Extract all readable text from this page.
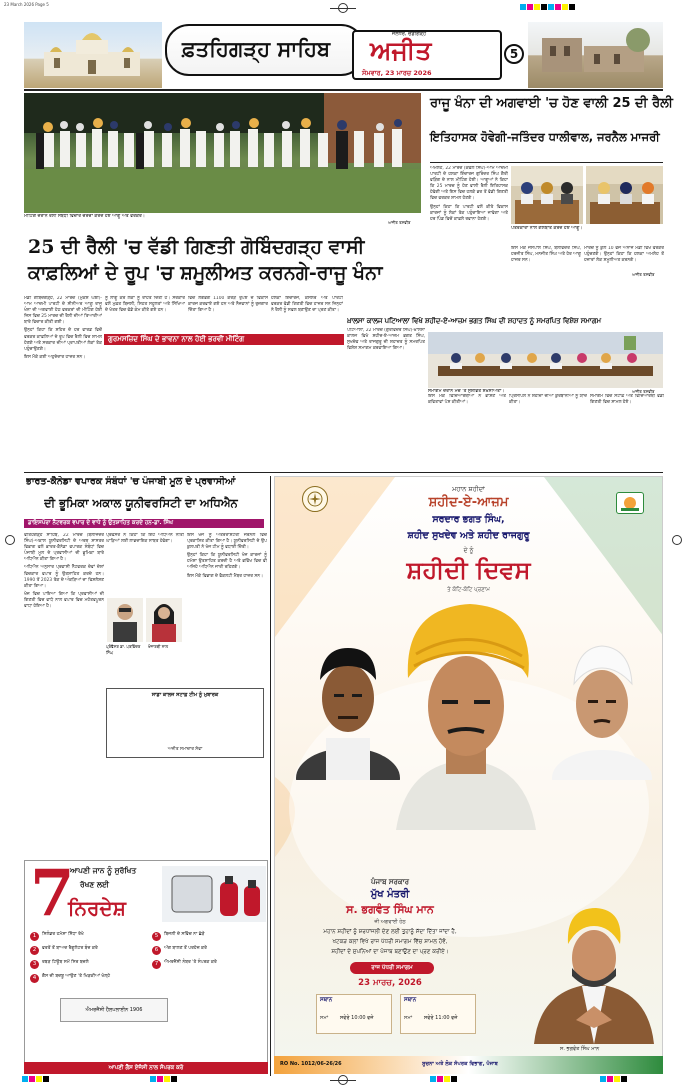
23 March 2026 Page 5
ਫ਼ਤਹਿਗੜ੍ਹ ਸਾਹਿਬ
ਜਲੰਧਰ, ਚੰਡੀਗੜ੍ਹ
ਅਜੀਤ
ਸੋਮਵਾਰ, 23 ਮਾਰਚ 2026
5
ਮੀਟਿੰਗ ਦੌਰਾਨ ਰੈਲੀ ਸਬੰਧੀ ਵਿਚਾਰ ਚਰਚਾ ਕਰਦੇ ਹੋਏ ਆਗੂ ਅਤੇ ਵਰਕਰ।
ਅਜੀਤ ਤਸਵੀਰ
ਰਾਜੂ ਖੰਨਾ ਦੀ ਅਗਵਾਈ 'ਚ ਹੋਣ ਵਾਲੀ 25 ਦੀ ਰੈਲੀ
ਇਤਿਹਾਸਕ ਹੋਵੇਗੀ-ਜਤਿੰਦਰ ਧਾਲੀਵਾਲ, ਜਰਨੈਲ ਮਾਜਰੀ

ਅਮਲੋਹ, 22 ਮਾਰਚ (ਕੇਵਲ ਸਿੰਘ)-ਆਮ ਆਦਮੀ ਪਾਰਟੀ ਦੇ ਹਲਕਾ ਇੰਚਾਰਜ ਗੁਰਿੰਦਰ ਸਿੰਘ ਗੈਰੀ ਵੜਿੰਗ ਦੇ ਨਾਲ ਮੀਟਿੰਗ ਹੋਈ। ਆਗੂਆਂ ਨੇ ਕਿਹਾ ਕਿ 25 ਮਾਰਚ ਨੂੰ ਹੋਣ ਵਾਲੀ ਰੈਲੀ ਇਤਿਹਾਸਕ ਹੋਵੇਗੀ ਅਤੇ ਇਸ ਵਿਚ ਹਲਕੇ ਭਰ ਤੋਂ ਵੱਡੀ ਗਿਣਤੀ ਵਿਚ ਵਰਕਰ ਸ਼ਾਮਲ ਹੋਣਗੇ।

ਉਨ੍ਹਾਂ ਕਿਹਾ ਕਿ ਪਾਰਟੀ ਵਲੋਂ ਕੀਤੇ ਵਿਕਾਸ ਕਾਰਜਾਂ ਨੂੰ ਲੋਕਾਂ ਤੱਕ ਪਹੁੰਚਾਇਆ ਜਾਵੇਗਾ ਅਤੇ ਹਰ ਪਿੰਡ ਵਿਚੋਂ ਕਾਫ਼ਲੇ ਰਵਾਨਾ ਹੋਣਗੇ।

ਇਸ ਮੌਕੇ ਜਸਪਾਲ ਸਿੰਘ, ਬਲਵਿੰਦਰ ਸਿੰਘ, ਹਰਜੀਤ ਸਿੰਘ, ਮਨਜੀਤ ਸਿੰਘ ਅਤੇ ਹੋਰ ਆਗੂ ਹਾਜ਼ਰ ਸਨ।

ਮਾਰਚ ਨੂੰ ਕੁਲ 10 ਵਜੇ ਅਨਾਜ ਮੰਡੀ ਵਿਖੇ ਵਰਕਰ ਪਹੁੰਚਣਗੇ। ਉਨ੍ਹਾਂ ਕਿਹਾ ਕਿ ਹਲਕਾ ਅਮਲੋਹ ਤੋਂ ਹਜ਼ਾਰਾਂ ਲੋਕ ਸ਼ਮੂਲੀਅਤ ਕਰਨਗੇ।

ਪੱਤਰਕਾਰਾਂ ਨਾਲ ਗੱਲਬਾਤ ਕਰਦੇ ਹੋਏ ਆਗੂ।
ਅਜੀਤ ਤਸਵੀਰ
25 ਦੀ ਰੈਲੀ 'ਚ ਵੱਡੀ ਗਿਣਤੀ ਗੋਬਿੰਦਗੜ੍ਹ ਵਾਸੀ
ਕਾਫ਼ਲਿਆਂ ਦੇ ਰੂਪ 'ਚ ਸ਼ਮੂਲੀਅਤ ਕਰਨਗੇ-ਰਾਜੂ ਖੰਨਾ

ਮੰਡੀ ਗੋਬਿੰਦਗੜ੍ਹ, 22 ਮਾਰਚ (ਮੁਕੇਸ਼ ਘਈ)-ਆਮ ਆਦਮੀ ਪਾਰਟੀ ਦੇ ਸੀਨੀਅਰ ਆਗੂ ਰਾਜੂ ਖੰਨਾ ਦੀ ਅਗਵਾਈ ਹੇਠ ਵਰਕਰਾਂ ਦੀ ਮੀਟਿੰਗ ਹੋਈ ਜਿਸ ਵਿਚ 25 ਮਾਰਚ ਦੀ ਰੈਲੀ ਦੀਆਂ ਤਿਆਰੀਆਂ ਬਾਰੇ ਵਿਚਾਰ ਕੀਤੀ ਗਈ।

ਉਨ੍ਹਾਂ ਕਿਹਾ ਕਿ ਸ਼ਹਿਰ ਦੇ ਹਰ ਵਾਰਡ ਵਿਚੋਂ ਵਰਕਰ ਕਾਫ਼ਲਿਆਂ ਦੇ ਰੂਪ ਵਿਚ ਰੈਲੀ ਵਿਚ ਸ਼ਾਮਲ ਹੋਣਗੇ ਅਤੇ ਸਰਕਾਰ ਦੀਆਂ ਪ੍ਰਾਪਤੀਆਂ ਲੋਕਾਂ ਤੱਕ ਪਹੁੰਚਾਉਣਗੇ।

ਇਸ ਮੌਕੇ ਕਈ ਅਹੁਦੇਦਾਰ ਹਾਜ਼ਰ ਸਨ।

ਨੂੰ ਲਾਗੂ ਕਰ ਲੋਕਾਂ ਨੂੰ ਰਾਹਤ ਦਿੱਤੀ ਹੈ। ਸਰਕਾਰ ਵਲੋਂ ਮੁਫ਼ਤ ਬਿਜਲੀ, ਸਿਹਤ ਸਹੂਲਤਾਂ ਅਤੇ ਸਿੱਖਿਆ ਦੇ ਖੇਤਰ ਵਿਚ ਵੱਡੇ ਕੰਮ ਕੀਤੇ ਗਏ ਹਨ।

ਵਿਚ ਲਗਭਗ 1100 ਕਰੋੜ ਰੁਪਏ ਦੇ ਵਿਕਾਸ ਕਾਰਜ ਕਰਵਾਏ ਗਏ ਹਨ ਅਤੇ ਨੌਜਵਾਨਾਂ ਨੂੰ ਰੁਜ਼ਗਾਰ ਦਿੱਤਾ ਗਿਆ ਹੈ।

ਹਲਕਾ ਇੰਚਾਰਜ, ਕੌਂਸਲਰ ਅਤੇ ਪਾਰਟੀ ਵਰਕਰ ਵੱਡੀ ਗਿਣਤੀ ਵਿਚ ਹਾਜ਼ਰ ਸਨ ਜਿਨ੍ਹਾਂ ਨੇ ਰੈਲੀ ਨੂੰ ਸਫਲ ਬਣਾਉਣ ਦਾ ਪ੍ਰਣ ਕੀਤਾ।

ਗੁਰਮਸਜ਼ਿਦ ਸਿੰਘ ਦੇ ਭਾਵਨਾ ਨਾਲ ਹੋਈ ਭਰਵੀਂ ਮੀਟਿੰਗ
ਖ਼ਾਲਸਾ ਕਾਲਜ ਪਟਿਆਲਾ ਵਿਖੇ ਸ਼ਹੀਦ-ਏ-ਆਜ਼ਮ ਭਗਤ ਸਿੰਘ ਦੀ ਸ਼ਹਾਦਤ ਨੂੰ ਸਮਰਪਿਤ ਵਿਸ਼ੇਸ਼ ਸਮਾਗਮ

ਪਟਿਆਲਾ, 22 ਮਾਰਚ (ਗੁਰਵਿੰਦਰ ਸਿੰਘ)-ਖ਼ਾਲਸਾ ਕਾਲਜ ਵਿਖੇ ਸ਼ਹੀਦ-ਏ-ਆਜ਼ਮ ਭਗਤ ਸਿੰਘ, ਸੁਖਦੇਵ ਅਤੇ ਰਾਜਗੁਰੂ ਦੀ ਸ਼ਹਾਦਤ ਨੂੰ ਸਮਰਪਿਤ ਵਿਸ਼ੇਸ਼ ਸਮਾਗਮ ਕਰਵਾਇਆ ਗਿਆ।

ਇਸ ਮੌਕੇ ਵਿਦਿਆਰਥੀਆਂ ਨੇ ਭਾਸ਼ਣ ਅਤੇ ਕਵਿਤਾਵਾਂ ਪੇਸ਼ ਕੀਤੀਆਂ।

ਪ੍ਰਿੰਸੀਪਲ ਨੇ ਸ਼ਹੀਦਾਂ ਦੀਆਂ ਕੁਰਬਾਨੀਆਂ ਨੂੰ ਯਾਦ ਕੀਤਾ।

ਸਮਾਗਮ ਵਿਚ ਸਟਾਫ਼ ਅਤੇ ਵਿਦਿਆਰਥੀ ਵੱਡੀ ਗਿਣਤੀ ਵਿਚ ਸ਼ਾਮਲ ਹੋਏ।

ਸਮਾਗਮ ਦੌਰਾਨ ਮੰਚ 'ਤੇ ਸੁਸ਼ੋਭਿਤ ਸ਼ਖ਼ਸੀਅਤਾਂ।	ਅਜੀਤ ਤਸਵੀਰ
ਭਾਰਤ-ਕੈਨੇਡਾ ਵਪਾਰਕ ਸੰਬੰਧਾਂ 'ਚ ਪੰਜਾਬੀ ਮੂਲ ਦੇ ਪ੍ਰਵਾਸੀਆਂ
ਦੀ ਭੂਮਿਕਾ ਅਕਾਲ ਯੂਨੀਵਰਸਿਟੀ ਦਾ ਅਧਿਐਨ
ਡਾਇਸਪੋਰਾ ਨੈੱਟਵਰਕ ਵਪਾਰ ਦੇ ਵਾਧੇ ਨੂੰ ਉਤਸ਼ਾਹਿਤ ਕਰਦੇ ਹਨ-ਡਾ. ਸਿੰਘ

ਫਤਿਹਗੜ੍ਹ ਸਾਹਿਬ, 22 ਮਾਰਚ (ਬਲਜਿੰਦਰ ਸਿੰਘ)-ਅਕਾਲ ਯੂਨੀਵਰਸਿਟੀ ਦੇ ਅਰਥ ਸ਼ਾਸਤਰ ਵਿਭਾਗ ਵਲੋਂ ਭਾਰਤ-ਕੈਨੇਡਾ ਵਪਾਰਕ ਸੰਬੰਧਾਂ ਵਿਚ ਪੰਜਾਬੀ ਮੂਲ ਦੇ ਪ੍ਰਵਾਸੀਆਂ ਦੀ ਭੂਮਿਕਾ ਬਾਰੇ ਅਧਿਐਨ ਕੀਤਾ ਗਿਆ ਹੈ।

ਅਧਿਐਨ ਅਨੁਸਾਰ ਪ੍ਰਵਾਸੀ ਨੈੱਟਵਰਕ ਦੋਵਾਂ ਦੇਸ਼ਾਂ ਵਿਚਕਾਰ ਵਪਾਰ ਨੂੰ ਉਤਸ਼ਾਹਿਤ ਕਰਦੇ ਹਨ। 1990 ਤੋਂ 2023 ਤੱਕ ਦੇ ਅੰਕੜਿਆਂ ਦਾ ਵਿਸ਼ਲੇਸ਼ਣ ਕੀਤਾ ਗਿਆ।

ਖੋਜ ਵਿਚ ਪਾਇਆ ਗਿਆ ਕਿ ਪ੍ਰਵਾਸੀਆਂ ਦੀ ਗਿਣਤੀ ਵਿਚ ਵਾਧੇ ਨਾਲ ਵਪਾਰ ਵਿਚ ਮਹੱਤਵਪੂਰਨ ਵਾਧਾ ਹੋਇਆ ਹੈ।

ਪ੍ਰੋਫੈਸਰ ਨੇ ਕਿਹਾ ਕਿ ਇਹ ਅਧਿਐਨ ਨੀਤੀ ਘਾੜਿਆਂ ਲਈ ਲਾਭਦਾਇਕ ਸਾਬਤ ਹੋਵੇਗਾ।

ਇਸ ਖੋਜ ਨੂੰ ਅੰਤਰਰਾਸ਼ਟਰੀ ਜਰਨਲ ਵਿਚ ਪ੍ਰਕਾਸ਼ਿਤ ਕੀਤਾ ਗਿਆ ਹੈ। ਯੂਨੀਵਰਸਿਟੀ ਦੇ ਉਪ ਕੁਲਪਤੀ ਨੇ ਖੋਜ ਟੀਮ ਨੂੰ ਵਧਾਈ ਦਿੱਤੀ।

ਉਨ੍ਹਾਂ ਕਿਹਾ ਕਿ ਯੂਨੀਵਰਸਿਟੀ ਖੋਜ ਕਾਰਜਾਂ ਨੂੰ ਹਮੇਸ਼ਾ ਉਤਸ਼ਾਹਿਤ ਕਰਦੀ ਹੈ ਅਤੇ ਭਵਿੱਖ ਵਿਚ ਵੀ ਅਜਿਹੇ ਅਧਿਐਨ ਜਾਰੀ ਰਹਿਣਗੇ।

ਇਸ ਮੌਕੇ ਵਿਭਾਗ ਦੇ ਫੈਕਲਟੀ ਮੈਂਬਰ ਹਾਜ਼ਰ ਸਨ।

ਪ੍ਰੋਫੈਸਰ ਡਾ. ਪਰਵਿੰਦਰ ਸਿੰਘ
ਖੋਜਾਰਥੀ ਨਾਲ
ਸਾਡਾ ਕਾਲਜ ਸਟਾਫ਼ ਟੀਮ ਨੂੰ ਮੁਬਾਰਕ
ਅਜੀਤ ਸਮਾਚਾਰ ਸੇਵਾ
7
ਆਪਣੀ ਜਾਨ ਨੂੰ ਸੁਰੱਖਿਤ
ਰੱਖਣ ਲਈ
ਨਿਰਦੇਸ਼
1	ਸਿਲੰਡਰ ਹਮੇਸ਼ਾ ਸਿੱਧਾ ਰੱਖੋ
2	ਵਰਤੋਂ ਤੋਂ ਬਾਅਦ ਰੈਗੂਲੇਟਰ ਬੰਦ ਕਰੋ
3	ਰਬੜ ਟਿਊਬ ਸਮੇਂ ਸਿਰ ਬਦਲੋ
4	ਗੈਸ ਦੀ ਬਦਬੂ ਆਉਣ 'ਤੇ ਖਿੜਕੀਆਂ ਖੋਲ੍ਹੋ
5	ਬਿਜਲੀ ਦੇ ਸਵਿੱਚ ਨਾ ਛੇੜੋ
6	ਅੱਗ ਬਾਲਣ ਤੋਂ ਪਰਹੇਜ਼ ਕਰੋ
7	ਐਮਰਜੈਂਸੀ ਨੰਬਰ 'ਤੇ ਸੰਪਰਕ ਕਰੋ
ਐਮਰਜੈਂਸੀ ਹੈਲਪਲਾਈਨ 1906
ਆਪਣੀ ਗੈਸ ਏਜੰਸੀ ਨਾਲ ਸੰਪਰਕ ਕਰੋ
ਮਹਾਨ ਸ਼ਹੀਦਾਂ
ਸ਼ਹੀਦ-ਏ-ਆਜ਼ਮ
ਸਰਦਾਰ ਭਗਤ ਸਿੰਘ,
ਸ਼ਹੀਦ ਸੁਖਦੇਵ ਅਤੇ ਸ਼ਹੀਦ ਰਾਜਗੁਰੂ
ਦੇ ਨੂੰ
ਸ਼ਹੀਦੀ ਦਿਵਸ
ਤੇ ਕੋਟਿ-ਕੋਟਿ ਪ੍ਰਣਾਮ
ਪੰਜਾਬ ਸਰਕਾਰ
ਮੁੱਖ ਮੰਤਰੀ
ਸ. ਭਗਵੰਤ ਸਿੰਘ ਮਾਨ
ਜੀ ਅਗਵਾਈ ਹੇਠ
ਮਹਾਨ ਸ਼ਹੀਦਾਂ ਨੂੰ ਸ਼ਰਧਾਂਜਲੀ ਦੇਣ ਲਈ ਤੁਹਾਨੂੰ ਸੱਦਾ ਦਿੱਤਾ ਜਾਂਦਾ ਹੈ,
ਖਟਕੜ ਕਲਾਂ ਵਿਖੇ ਰਾਜ ਪੱਧਰੀ ਸਮਾਗਮ ਵਿੱਚ ਸ਼ਾਮਲ ਹੋਵੋ,
ਸ਼ਹੀਦਾਂ ਦੇ ਸੁਪਨਿਆਂ ਦਾ ਪੰਜਾਬ ਬਣਾਉਣ ਦਾ ਪ੍ਰਣ ਕਰੀਏ।
ਰਾਜ ਪੱਧਰੀ ਸਮਾਗਮ
23 ਮਾਰਚ, 2026
ਸਥਾਨ
ਸਮਾਂ ਸਵੇਰੇ 10:00 ਵਜੇ
ਸਥਾਨ
ਸਮਾਂ ਸਵੇਰੇ 11:00 ਵਜੇ
ਸ. ਭਗਵੰਤ ਸਿੰਘ ਮਾਨ
RO No. 1012/06-26/26	ਸੂਚਨਾ ਅਤੇ ਲੋਕ ਸੰਪਰਕ ਵਿਭਾਗ, ਪੰਜਾਬ
